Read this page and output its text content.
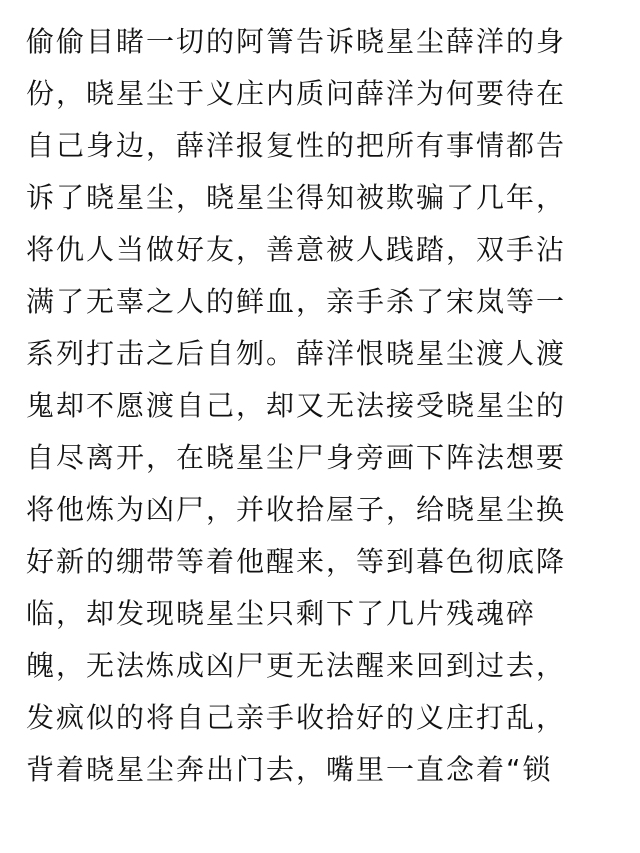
偷偷目睹一切的阿箐告诉晓星尘薛洋的身
份，晓星尘于义庄内质问薛洋为何要待在
自己身边，薛洋报复性的把所有事情都告
诉了晓星尘，晓星尘得知被欺骗了几年，
将仇人当做好友，善意被人践踏，双手沾
满了无辜之人的鲜血，亲手杀了宋岚等一
系列打击之后自刎。薛洋恨晓星尘渡人渡
鬼却不愿渡自己，却又无法接受晓星尘的
自尽离开，在晓星尘尸身旁画下阵法想要
将他炼为凶尸，并收拾屋子，给晓星尘换
好新的绷带等着他醒来，等到暮色彻底降
临，却发现晓星尘只剩下了几片残魂碎
魄，无法炼成凶尸更无法醒来回到过去，
发疯似的将自己亲手收拾好的义庄打乱，
背着晓星尘奔出门去，嘴里一直念着“锁
